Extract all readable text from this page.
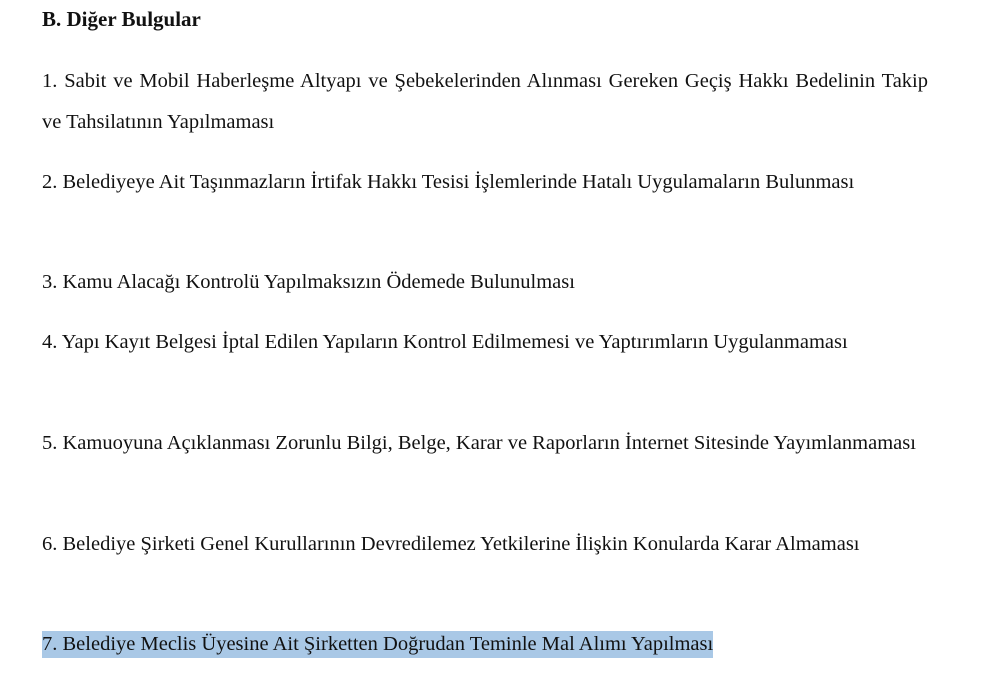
B. Diğer Bulgular
1. Sabit ve Mobil Haberleşme Altyapı ve Şebekelerinden Alınması Gereken Geçiş Hakkı Bedelinin Takip ve Tahsilatının Yapılmaması
2. Belediyeye Ait Taşınmazların İrtifak Hakkı Tesisi İşlemlerinde Hatalı Uygulamaların Bulunması
3. Kamu Alacağı Kontrolü Yapılmaksızın Ödemede Bulunulması
4. Yapı Kayıt Belgesi İptal Edilen Yapıların Kontrol Edilmemesi ve Yaptırımların Uygulanmaması
5. Kamuoyuna Açıklanması Zorunlu Bilgi, Belge, Karar ve Raporların İnternet Sitesinde Yayımlanmaması
6. Belediye Şirketi Genel Kurullarının Devredilemez Yetkilerine İlişkin Konularda Karar Almaması
7. Belediye Meclis Üyesine Ait Şirketten Doğrudan Teminle Mal Alımı Yapılması
